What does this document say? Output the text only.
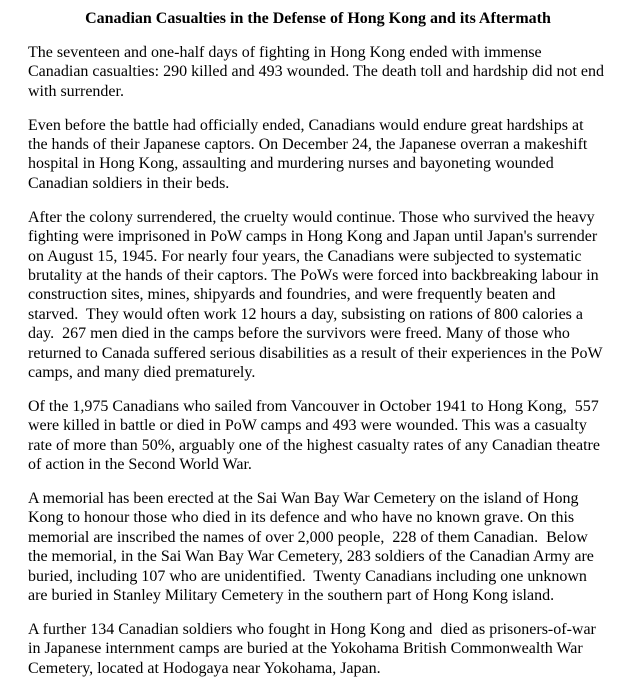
Canadian Casualties in the Defense of Hong Kong and its Aftermath

The seventeen and one-half days of fighting in Hong Kong ended with immense
Canadian casualties: 290 killed and 493 wounded. The death toll and hardship did not end
with surrender.
Even before the battle had officially ended, Canadians would endure great hardships at
the hands of their Japanese captors. On December 24, the Japanese overran a makeshift
hospital in Hong Kong, assaulting and murdering nurses and bayoneting wounded
Canadian soldiers in their beds.
After the colony surrendered, the cruelty would continue. Those who survived the heavy
fighting were imprisoned in PoW camps in Hong Kong and Japan until Japan's surrender
on August 15, 1945. For nearly four years, the Canadians were subjected to systematic
brutality at the hands of their captors. The PoWs were forced into backbreaking labour in
construction sites, mines, shipyards and foundries, and were frequently beaten and
starved.  They would often work 12 hours a day, subsisting on rations of 800 calories a
day.  267 men died in the camps before the survivors were freed. Many of those who
returned to Canada suffered serious disabilities as a result of their experiences in the PoW
camps, and many died prematurely.
Of the 1,975 Canadians who sailed from Vancouver in October 1941 to Hong Kong,  557
were killed in battle or died in PoW camps and 493 were wounded. This was a casualty
rate of more than 50%, arguably one of the highest casualty rates of any Canadian theatre
of action in the Second World War.
A memorial has been erected at the Sai Wan Bay War Cemetery on the island of Hong
Kong to honour those who died in its defence and who have no known grave. On this
memorial are inscribed the names of over 2,000 people,  228 of them Canadian.  Below
the memorial, in the Sai Wan Bay War Cemetery, 283 soldiers of the Canadian Army are
buried, including 107 who are unidentified.  Twenty Canadians including one unknown
are buried in Stanley Military Cemetery in the southern part of Hong Kong island.
A further 134 Canadian soldiers who fought in Hong Kong and  died as prisoners-of-war
in Japanese internment camps are buried at the Yokohama British Commonwealth War
Cemetery, located at Hodogaya near Yokohama, Japan.
